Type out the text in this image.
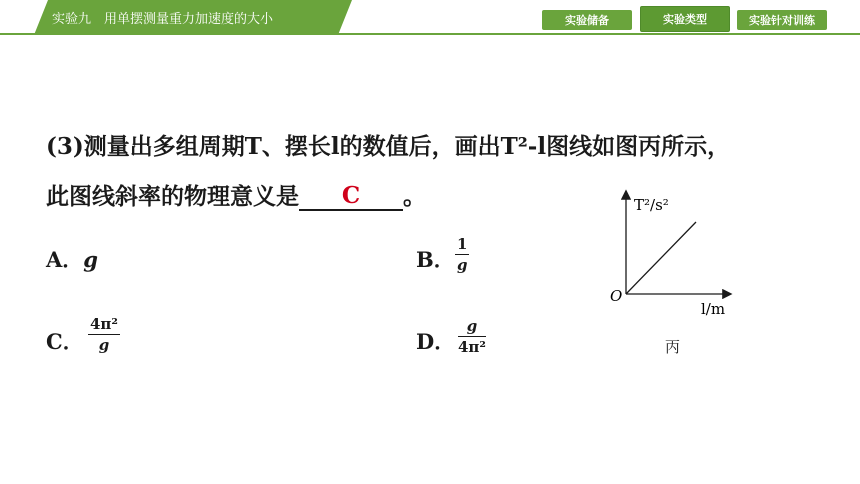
实验九　用单摆测量重力加速度的大小	实验储备	实验类型	实验针对训练
(3)测量出多组周期T、摆长l的数值后，画出T²-l图线如图丙所示，
此图线斜率的物理意义是 C 。
A．g	B． $\frac{1}{g}$
C． $\frac{\text{4π²}}{g}$	D． $\frac{g}{\text{4π²}}$
T²/s²
O
l/m
丙
